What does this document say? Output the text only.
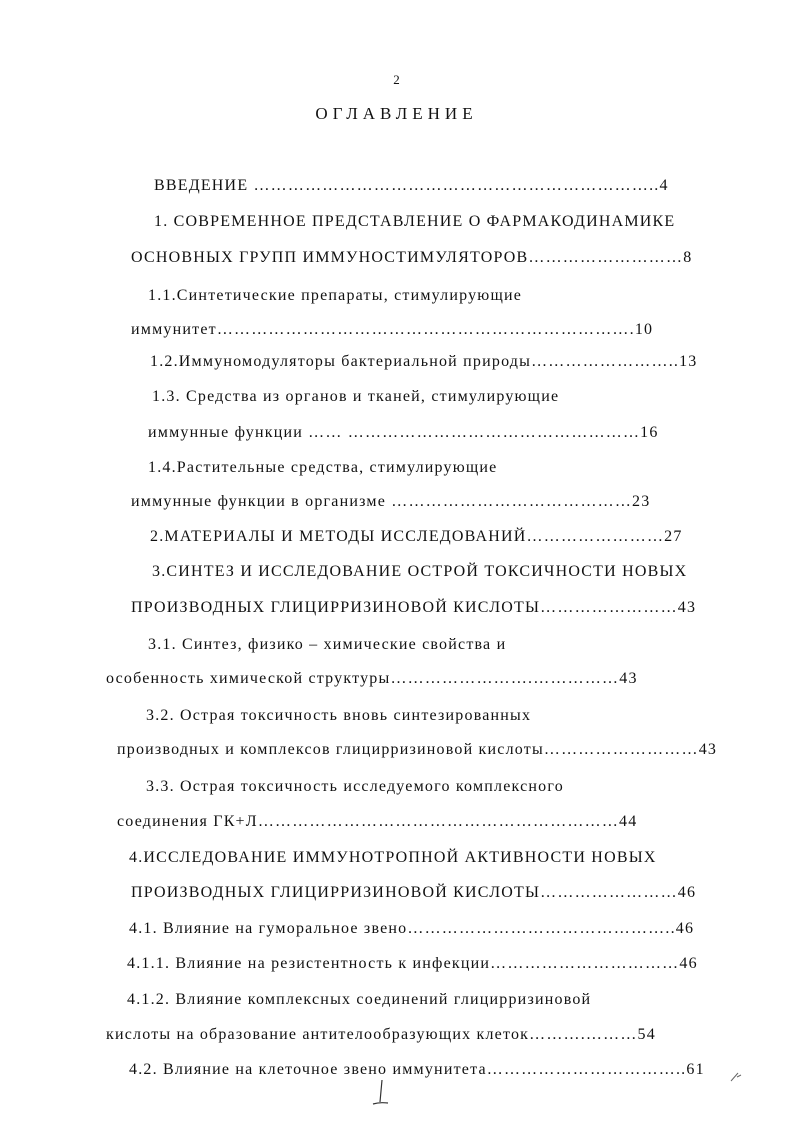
2
ОГЛАВЛЕНИЕ
ВВЕДЕНИЕ ……………………………………………………………..4
1. СОВРЕМЕННОЕ ПРЕДСТАВЛЕНИЕ О ФАРМАКОДИНАМИКЕ
ОСНОВНЫХ ГРУПП ИММУНОСТИМУЛЯТОРОВ………………………8
1.1.Синтетические препараты, стимулирующие
иммунитет……………………………………………………………….10
1.2.Иммуномодуляторы бактериальной природы……………………..13
1.3. Средства из органов и тканей, стимулирующие
иммунные функции …… ……………………………………………16
1.4.Растительные средства, стимулирующие
иммунные функции в организме ……………………………………23
2.МАТЕРИАЛЫ И МЕТОДЫ ИССЛЕДОВАНИЙ……………………27
3.СИНТЕЗ И ИССЛЕДОВАНИЕ ОСТРОЙ ТОКСИЧНОСТИ НОВЫХ
ПРОИЗВОДНЫХ ГЛИЦИРРИЗИНОВОЙ КИСЛОТЫ……………………43
3.1. Синтез, физико – химические свойства и
особенность химической структуры…………………….……………43
3.2. Острая токсичность вновь синтезированных
производных и комплексов глицирризиновой кислоты………………………43
3.3. Острая токсичность исследуемого комплексного
соединения ГК+Л………………………………………………………44
4.ИССЛЕДОВАНИЕ ИММУНОТРОПНОЙ АКТИВНОСТИ НОВЫХ
ПРОИЗВОДНЫХ ГЛИЦИРРИЗИНОВОЙ КИСЛОТЫ……………………46
4.1. Влияние на гуморальное звено………………………………………..46
4.1.1. Влияние на резистентность к инфекции……………………………46
4.1.2. Влияние комплексных соединений глицирризиновой
кислоты на образование антителообразующих клеток……….………54
4.2. Влияние на клеточное звено иммунитета……………………………..61
